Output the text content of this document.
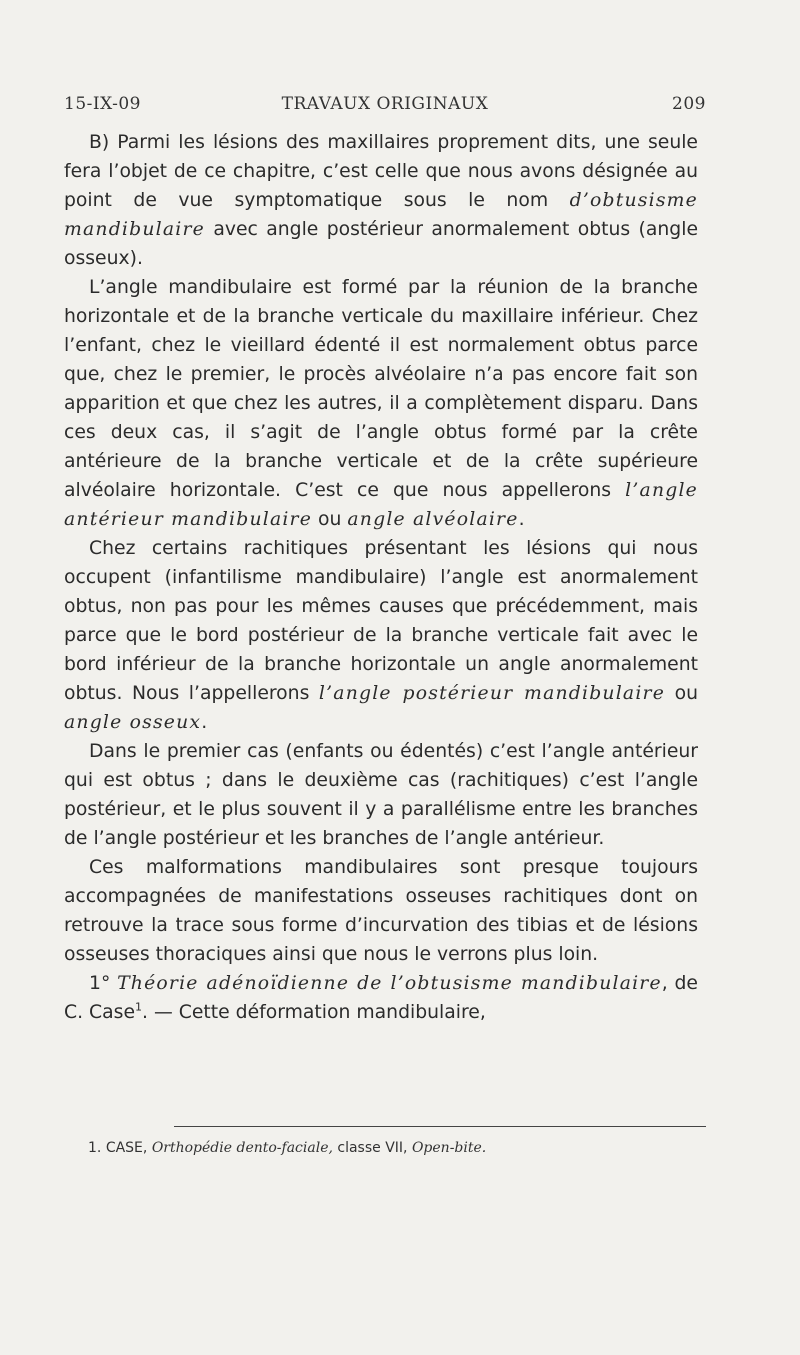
15-IX-09	TRAVAUX ORIGINAUX	209

B) Parmi les lésions des maxillaires proprement dits, une seule fera l’objet de ce chapitre, c’est celle que nous avons désignée au point de vue symptomatique sous le nom d’obtusisme mandibulaire avec angle postérieur anormalement obtus (angle osseux).

L’angle mandibulaire est formé par la réunion de la branche horizontale et de la branche verticale du maxillaire inférieur. Chez l’enfant, chez le vieillard édenté il est normalement obtus parce que, chez le premier, le procès alvéolaire n’a pas encore fait son apparition et que chez les autres, il a complètement disparu. Dans ces deux cas, il s’agit de l’angle obtus formé par la crête antérieure de la branche verticale et de la crête supérieure alvéolaire horizontale. C’est ce que nous appellerons l’angle antérieur mandibulaire ou angle alvéolaire.

Chez certains rachitiques présentant les lésions qui nous occupent (infantilisme mandibulaire) l’angle est anormalement obtus, non pas pour les mêmes causes que précédemment, mais parce que le bord postérieur de la branche verticale fait avec le bord inférieur de la branche horizontale un angle anormalement obtus. Nous l’appellerons l’angle postérieur mandibulaire ou angle osseux.

Dans le premier cas (enfants ou édentés) c’est l’angle antérieur qui est obtus ; dans le deuxième cas (rachitiques) c’est l’angle postérieur, et le plus souvent il y a parallélisme entre les branches de l’angle postérieur et les branches de l’angle antérieur.

Ces malformations mandibulaires sont presque toujours accompagnées de manifestations osseuses rachitiques dont on retrouve la trace sous forme d’incurvation des tibias et de lésions osseuses thoraciques ainsi que nous le verrons plus loin.

1° Théorie adénoïdienne de l’obtusisme mandibulaire, de C. Case$^1$. — Cette déformation mandibulaire,

1. CASE, Orthopédie dento-faciale, classe VII, Open-bite.
